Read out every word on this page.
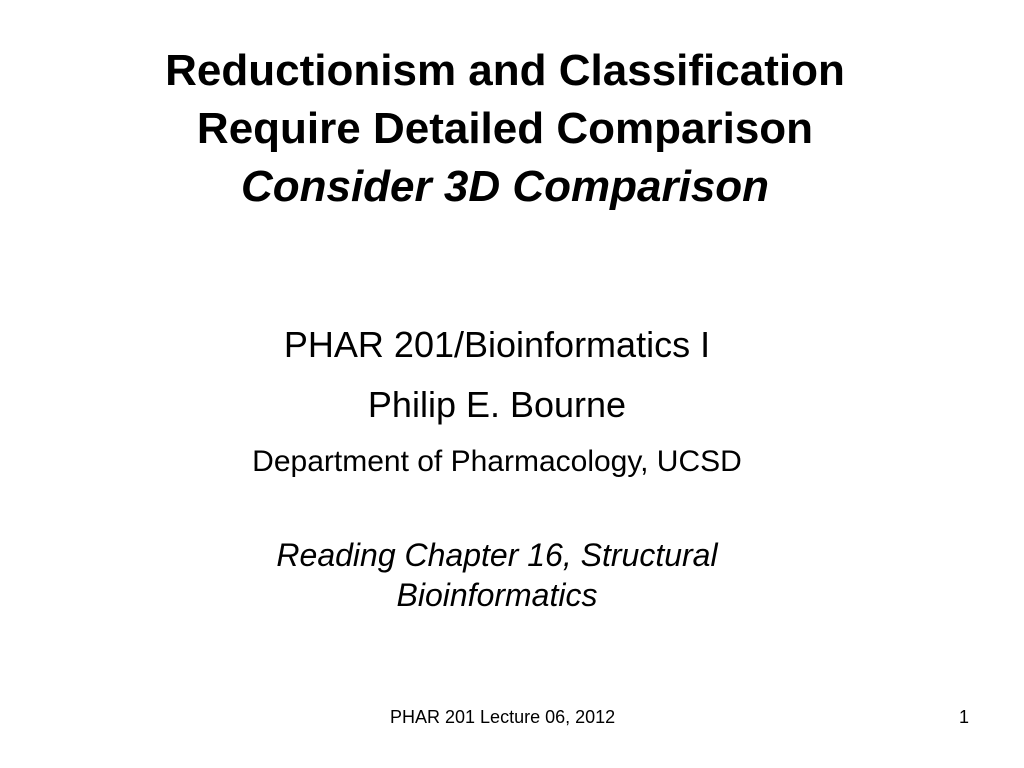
Reductionism and Classification
Require Detailed Comparison
Consider 3D Comparison
PHAR 201/Bioinformatics I
Philip E. Bourne
Department of Pharmacology, UCSD
Reading Chapter 16, Structural
Bioinformatics
PHAR 201 Lecture 06, 2012	1
